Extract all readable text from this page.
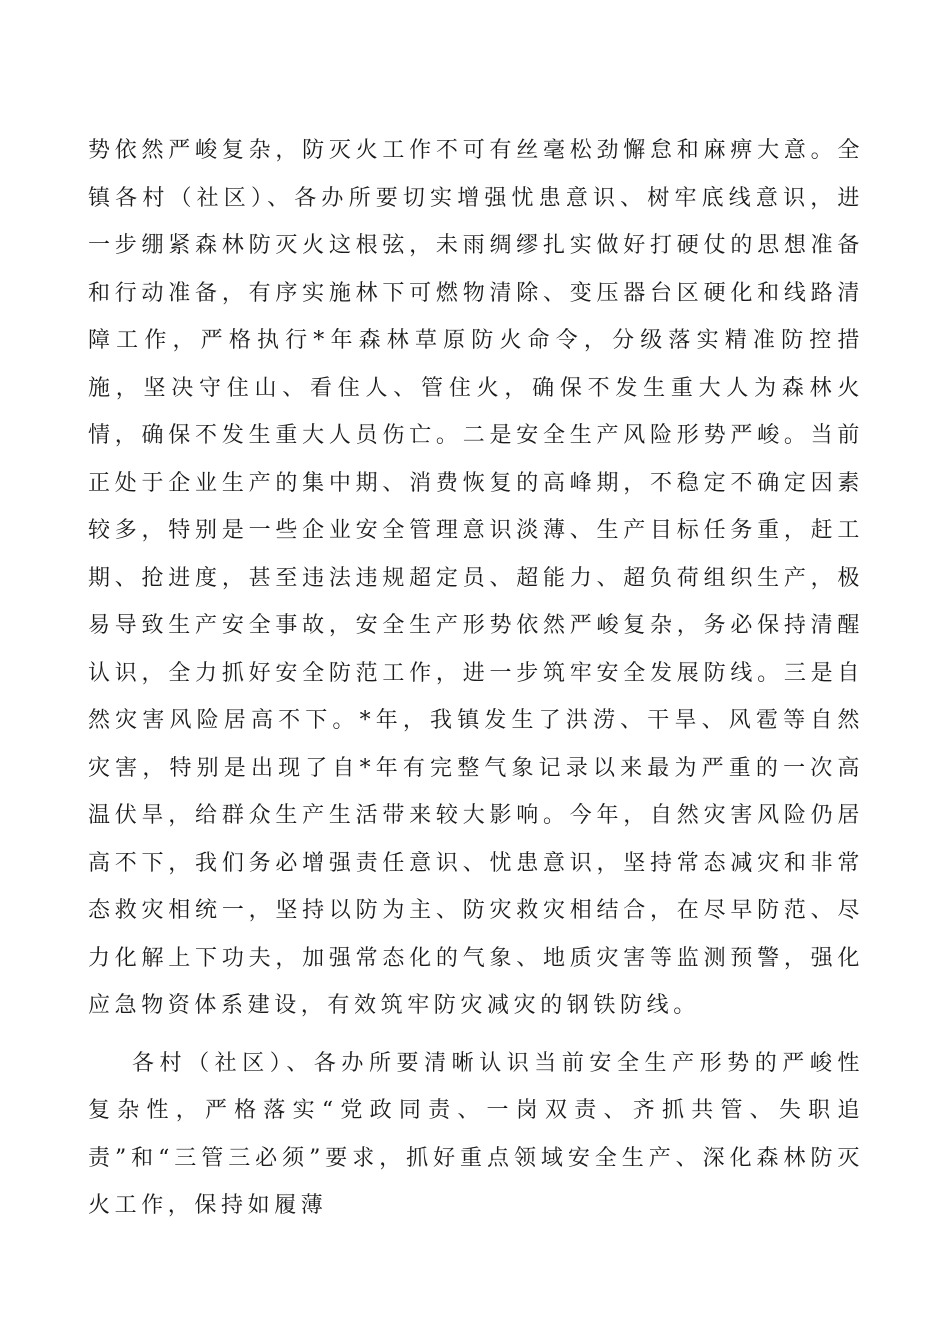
势依然严峻复杂，防灭火工作不可有丝毫松劲懈怠和麻痹大意。全镇各村（社区）、各办所要切实增强忧患意识、树牢底线意识，进一步绷紧森林防灭火这根弦，未雨绸缪扎实做好打硬仗的思想准备和行动准备，有序实施林下可燃物清除、变压器台区硬化和线路清障工作，严格执行*年森林草原防火命令，分级落实精准防控措施，坚决守住山、看住人、管住火，确保不发生重大人为森林火情，确保不发生重大人员伤亡。二是安全生产风险形势严峻。当前正处于企业生产的集中期、消费恢复的高峰期，不稳定不确定因素较多，特别是一些企业安全管理意识淡薄、生产目标任务重，赶工期、抢进度，甚至违法违规超定员、超能力、超负荷组织生产，极易导致生产安全事故，安全生产形势依然严峻复杂，务必保持清醒认识，全力抓好安全防范工作，进一步筑牢安全发展防线。三是自然灾害风险居高不下。*年，我镇发生了洪涝、干旱、风雹等自然灾害，特别是出现了自*年有完整气象记录以来最为严重的一次高温伏旱，给群众生产生活带来较大影响。今年，自然灾害风险仍居高不下，我们务必增强责任意识、忧患意识，坚持常态减灾和非常态救灾相统一，坚持以防为主、防灾救灾相结合，在尽早防范、尽力化解上下功夫，加强常态化的气象、地质灾害等监测预警，强化应急物资体系建设，有效筑牢防灾减灾的钢铁防线。

各村（社区）、各办所要清晰认识当前安全生产形势的严峻性复杂性，严格落实“党政同责、一岗双责、齐抓共管、失职追责”和“三管三必须”要求，抓好重点领域安全生产、深化森林防灭火工作，保持如履薄
